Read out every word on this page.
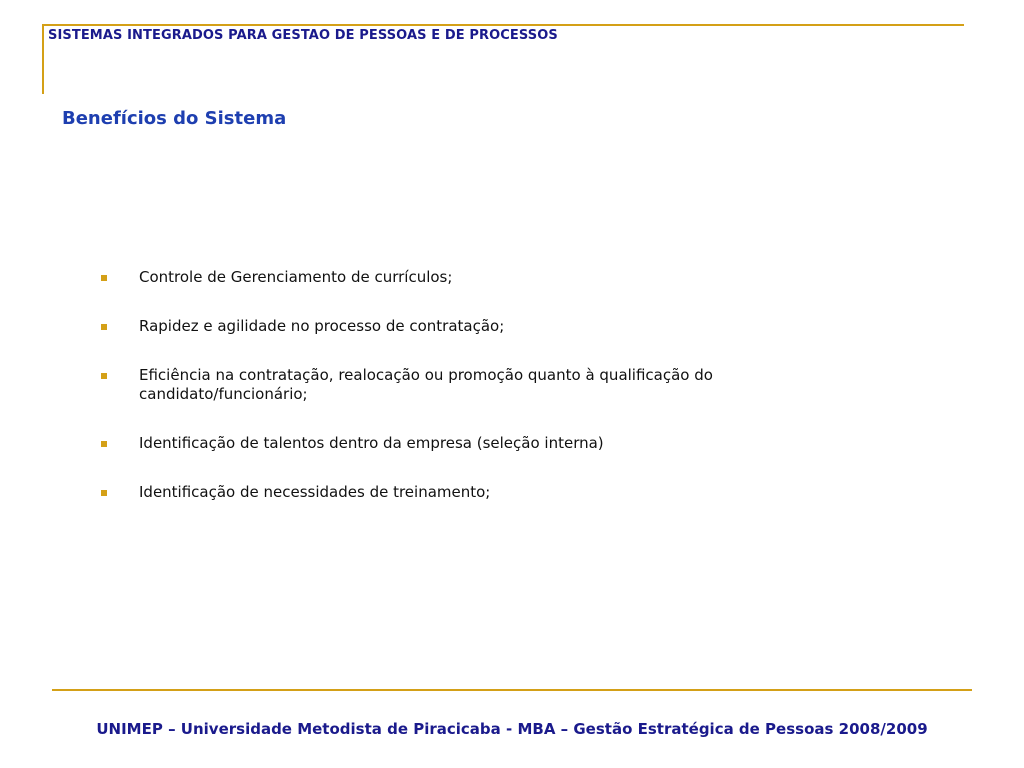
SISTEMAS INTEGRADOS PARA GESTAO DE PESSOAS E DE PROCESSOS
Benefícios do Sistema
Controle de Gerenciamento de currículos;
Rapidez e agilidade no processo de contratação;
Eficiência na contratação, realocação ou promoção quanto à qualificação do candidato/funcionário;
Identificação de talentos dentro da empresa (seleção interna)
Identificação de necessidades de treinamento;
UNIMEP – Universidade Metodista de Piracicaba - MBA – Gestão Estratégica de Pessoas 2008/2009
